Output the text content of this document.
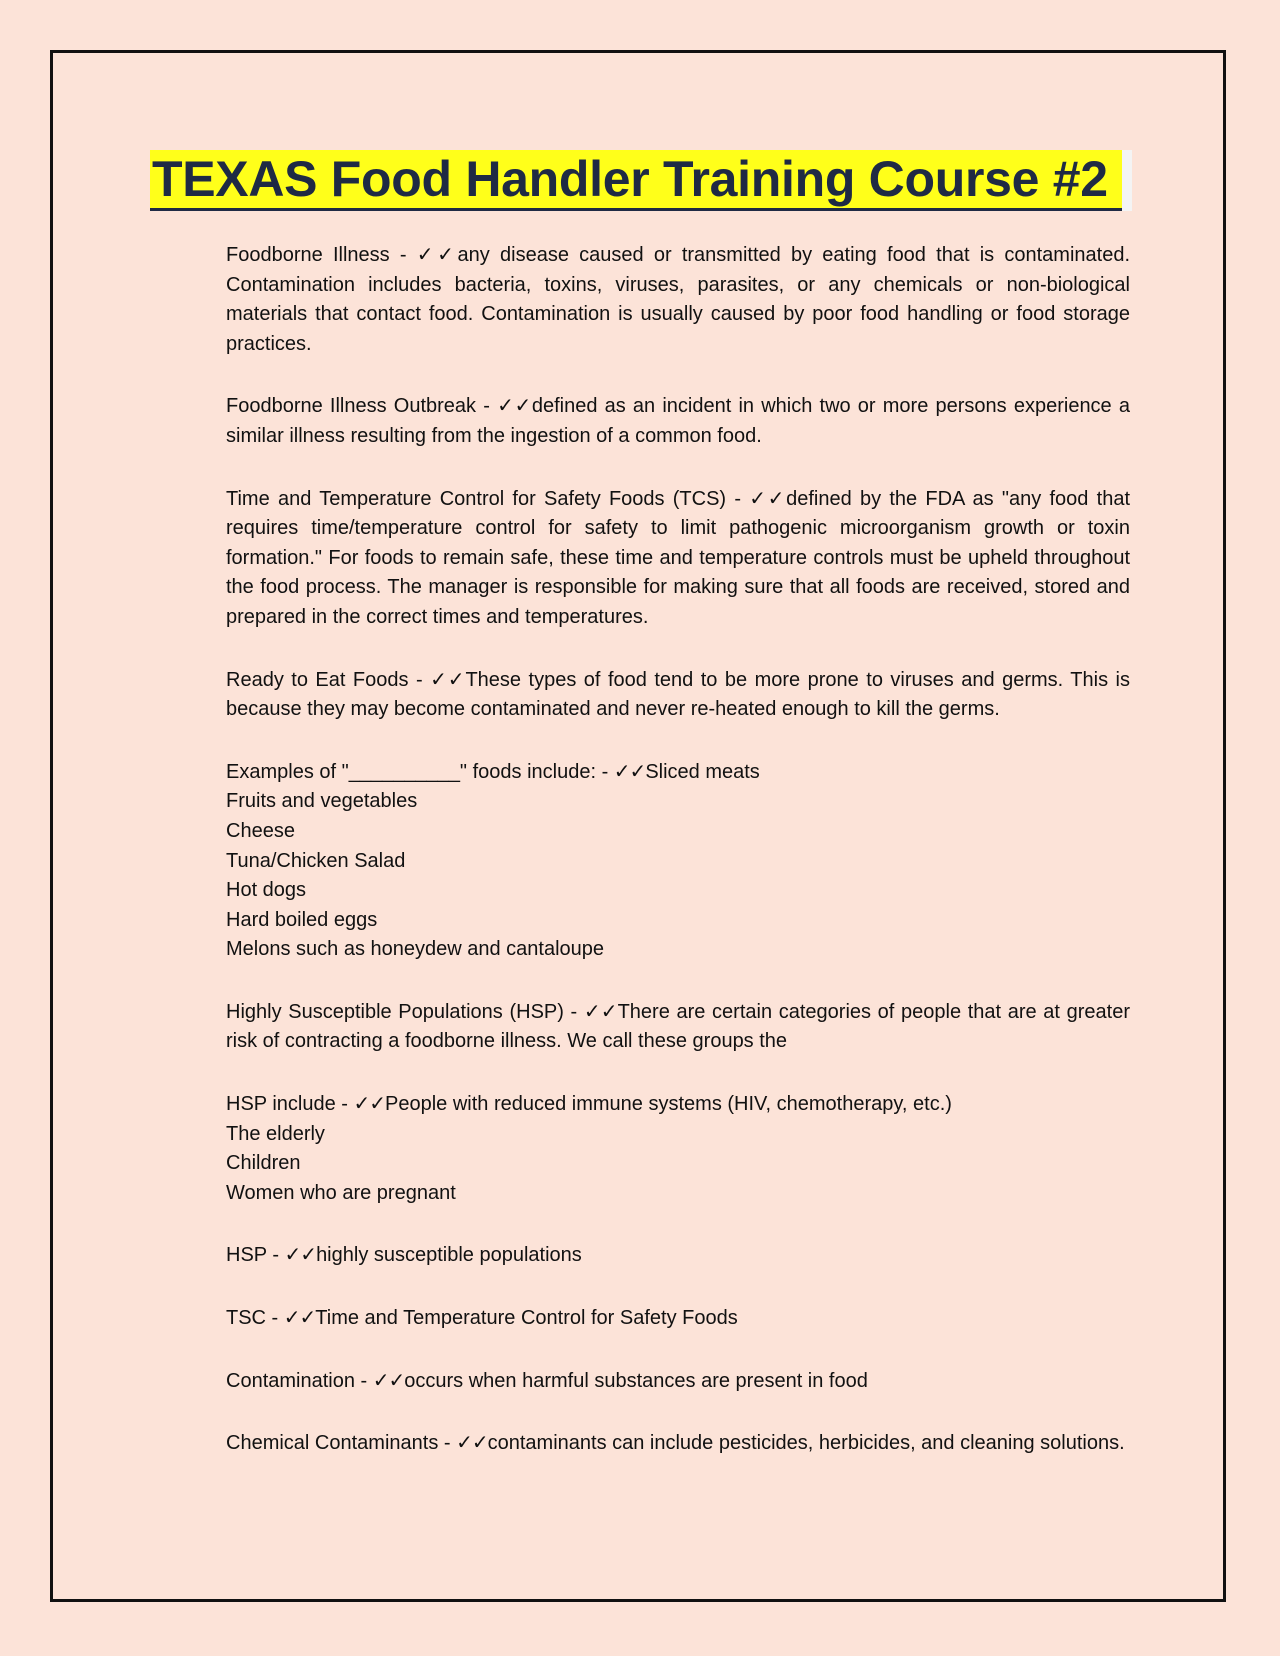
TEXAS Food Handler Training Course #2

Foodborne Illness - ✓✓any disease caused or transmitted by eating food that is contaminated. Contamination includes bacteria, toxins, viruses, parasites, or any chemicals or non-biological materials that contact food. Contamination is usually caused by poor food handling or food storage practices.

Foodborne Illness Outbreak - ✓✓defined as an incident in which two or more persons experience a similar illness resulting from the ingestion of a common food.

Time and Temperature Control for Safety Foods (TCS) - ✓✓defined by the FDA as "any food that requires time/temperature control for safety to limit pathogenic microorganism growth or toxin formation." For foods to remain safe, these time and temperature controls must be upheld throughout the food process. The manager is responsible for making sure that all foods are received, stored and prepared in the correct times and temperatures.

Ready to Eat Foods - ✓✓These types of food tend to be more prone to viruses and germs. This is because they may become contaminated and never re-heated enough to kill the germs.

Examples of "__________" foods include: - ✓✓Sliced meats

Fruits and vegetables

Cheese

Tuna/Chicken Salad

Hot dogs

Hard boiled eggs

Melons such as honeydew and cantaloupe

Highly Susceptible Populations (HSP) - ✓✓There are certain categories of people that are at greater risk of contracting a foodborne illness. We call these groups the

HSP include - ✓✓People with reduced immune systems (HIV, chemotherapy, etc.)

The elderly

Children

Women who are pregnant

HSP - ✓✓highly susceptible populations

TSC - ✓✓Time and Temperature Control for Safety Foods

Contamination - ✓✓occurs when harmful substances are present in food

Chemical Contaminants - ✓✓contaminants can include pesticides, herbicides, and cleaning solutions.
